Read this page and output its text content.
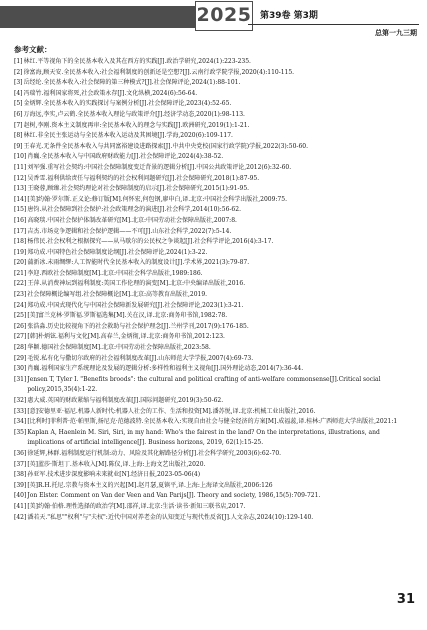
2025 第39卷 第3期
总第一九三期
参考文献：
[1] 林红.平等视角下的全民基本收入及其在西方的实践[J].政治学研究,2024(1):223-235.
[2] 徐富海,顾天安.全民基本收入:社会福利制度的创新还是空想?[J].云南行政学院学报,2020(4):110-115.
[3] 岳经纶.全民基本收入:社会保障的第三种模式?[J].社会保障评论,2024(1):88-101.
[4] 冯瑞竹.福利国家将死,社会政策永存[J].文化纵横,2024(6):56-64.
[5] 金炳辉.全民基本收入的实践探讨与案例分析[J].社会保障评论,2023(4):52-65.
[6] 万海远,李实,卢云鹤.全民基本收入理论与政策评介[J].经济学动态,2020(1):98-113.
[7] 赵树,李刚.资本主义制度再审:全民基本收入的理念与实践[J].欧洲研究,2019(1):1-21.
[8] 林红.非全民主张运动与全民基本收入运动及其困境[J].学海,2020(6):109-117.
[9] 王春光.无条件全民基本收入与共同富裕建设进路探索[J].中共中央党校(国家行政学院)学报,2022(3):50-60.
[10] 肖巍.全民基本收入与中国政府财政能力[J].社会保障评论,2024(4):38-52.
[11] 刘军强.重写社会契约:中国社会保障制度变迁背景的逻辑分析[J].中国公共政策评论,2012(6):32-60.
[12] 吴香雪.福利供给责任与福利契约的社会权利问题研究[J].社会保障研究,2018(1):87-95.
[13] 王晓蓉,顾臻.社会契约理论对社会保障制度的启示[J].社会保障研究,2015(1):91-95.
[14] [美]约翰·罗尔斯.正义论:修订版[M].何怀宏,何包钢,廖申白,译.北京:中国社会科学出版社,2009:75.
[15] 唐钧.从社会保障到社会保护:社会政策理念的演进[J].社会科学,2014(10):56-62.
[16] 高晓琰.中国社会保护体制改革研究[M].北京:中国劳动社会保障出版社,2007:8.
[17] 吉杰.市场竞争逻辑和社会保护逻辑——不可[J].山东社会科学,2022(7):5-14.
[18] 杨伟民.社会权利之根据探究——从马歇尔的公民权之争谈起[J].社会科学评论,2016(4):3-17.
[19] 郑功成.中国特色社会保障制度论纲[J].社会保障评论,2024(1):3-22.
[20] 蒲新冰.未雨绸缪:人工智能时代全民基本收入的制度设计[J].学术界,2021(3):79-87.
[21] 李迎.西欧社会保障制度[M].北京:中国社会科学出版社,1989:186.
[22] 王萍.从消费神坛到福利制度:美国工作伦理的演变[M].北京:中央编译出版社,2016.
[23] 社会保障概论编写组.社会保障概论[M].北京:高等教育出版社,2019.
[24] 郑功成.中国式现代化与中国社会保障新发展研究[J].社会保障评论,2023(1):3-21.
[25] [美]富兰克林·罗斯福.罗斯福选集[M].关在汉,译.北京:商务印书馆,1982:78.
[26] 张浩淼.历史比较视角下的社会救助与社会保护理念[J].兰州学刊,2017(9):176-185.
[27] [韩]朴炳铉.福利与文化[M].高春兰,金炳彻,译.北京:商务印书馆,2012:123.
[28] 华颖.德国社会保障制度[M].北京:中国劳动社会保障出版社,2023:58.
[29] 毛锐.私有化与撒切尔政府的社会福利制度改革[J].山东师范大学学报,2007(4):69-73.
[30] 肖巍.福利国家生产系统理论及发展的逻辑分析:多样性和福利主义视角[J].国外理论动态,2014(7):36-44.
[31] Jensen T, Tyler I. "Benefits broods": the cultural and political crafting of anti-welfare commonsense[J].Critical social policy,2015,35(4):1-22.
[32] 惠大威.英国的财政紧缩与福利制度改革[J].国际问题研究,2019(3):50-62.
[33] [意]安德里亚·福尼.机器人新时代:机器人社会的工作、生活和投资[M].潘苏悦,译.北京:机械工业出版社,2016.
[34] [比利时]菲利普·范·帕里斯,扬尼克·范德波特.全民基本收入:实现自由社会与健全经济的方案[M].成福蕊,译.桂林:广西师范大学出版社,2021:1
[35] Kaplan A, Haenlein M. Siri, Siri, in my hand: Who's the fairest in the land? On the interpretations, illustrations, and implications of artificial intelligence[J]. Business horizons, 2019, 62(1):15-25.
[36] 徐延辉,林群.福利制度运行机制:动力、风险及其化解路径分析[J].社会科学研究,2003(6):62-70.
[37] [英]蓝莎·斯坦丁.基本收入[M].陈仪,译.上海:上海文艺出版社,2020.
[38] 孙亚军.技术进步深度影响未来就业[N].经济日报,2023-05-06(4)
[39] [英]R.H.托尼.宗教与资本主义的兴起[M].赵月瑟,夏镇平,译.上海:上海译文出版社,2006:126
[40] Jon Elster. Comment on Van der Veen and Van Parijs[J]. Theory and society, 1986,15(5):709-721.
[41] [美]约翰·伯格.理性选择的政治学[M].邵祥,译.北京:生活·读书·新知三联书店,2017.
[42] 潘若天."私思""权利"与"夫权":近代中国对养老金的认知变迁与现代性反省[J].人文杂志,2024(10):129-140.
31
